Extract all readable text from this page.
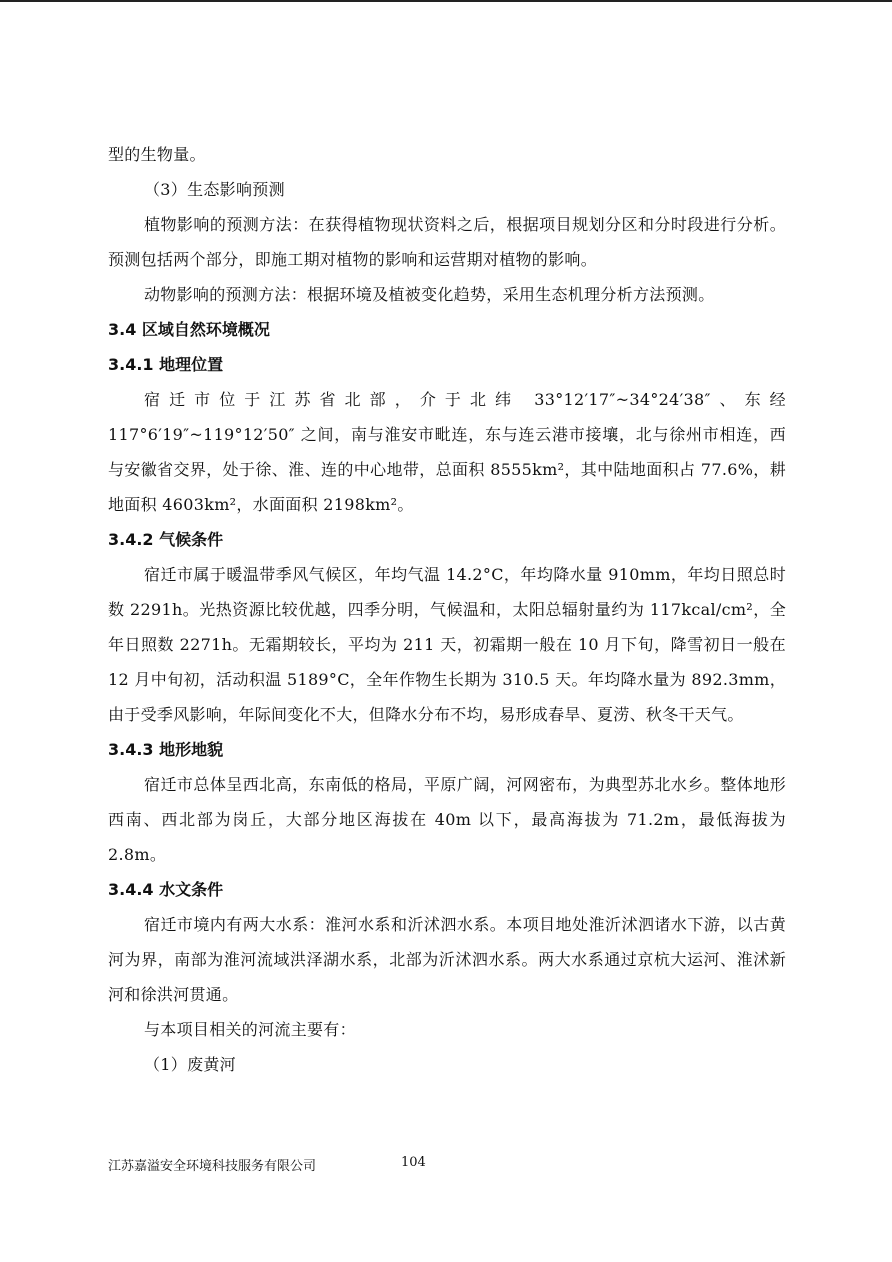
型的生物量。

（3）生态影响预测

植物影响的预测方法：在获得植物现状资料之后，根据项目规划分区和分时段进行分析。预测包括两个部分，即施工期对植物的影响和运营期对植物的影响。

动物影响的预测方法：根据环境及植被变化趋势，采用生态机理分析方法预测。

3.4 区域自然环境概况
3.4.1 地理位置

宿迁市位于江苏省北部，介于北纬 33°12′17″~34°24′38″、东经 117°6′19″~119°12′50″ 之间，南与淮安市毗连，东与连云港市接壤，北与徐州市相连，西与安徽省交界，处于徐、淮、连的中心地带，总面积 8555km²，其中陆地面积占 77.6%，耕地面积 4603km²，水面面积 2198km²。

3.4.2 气候条件

宿迁市属于暖温带季风气候区，年均气温 14.2°C，年均降水量 910mm，年均日照总时数 2291h。光热资源比较优越，四季分明，气候温和，太阳总辐射量约为 117kcal/cm²，全年日照数 2271h。无霜期较长，平均为 211 天，初霜期一般在 10 月下旬，降雪初日一般在 12 月中旬初，活动积温 5189°C，全年作物生长期为 310.5 天。年均降水量为 892.3mm，由于受季风影响，年际间变化不大，但降水分布不均，易形成春旱、夏涝、秋冬干天气。

3.4.3 地形地貌

宿迁市总体呈西北高，东南低的格局，平原广阔，河网密布，为典型苏北水乡。整体地形西南、西北部为岗丘，大部分地区海拔在 40m 以下，最高海拔为 71.2m，最低海拔为 2.8m。

3.4.4 水文条件

宿迁市境内有两大水系：淮河水系和沂沭泗水系。本项目地处淮沂沭泗诸水下游，以古黄河为界，南部为淮河流域洪泽湖水系，北部为沂沭泗水系。两大水系通过京杭大运河、淮沭新河和徐洪河贯通。

与本项目相关的河流主要有：

（1）废黄河

江苏嘉溢安全环境科技服务有限公司	104
